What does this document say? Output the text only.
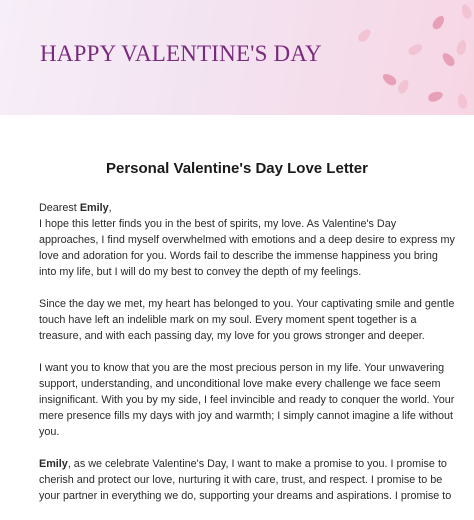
HAPPY VALENTINE'S DAY
Personal Valentine's Day Love Letter
Dearest Emily,

I hope this letter finds you in the best of spirits, my love. As Valentine's Day
approaches, I find myself overwhelmed with emotions and a deep desire to express my
love and adoration for you. Words fail to describe the immense happiness you bring
into my life, but I will do my best to convey the depth of my feelings.

Since the day we met, my heart has belonged to you. Your captivating smile and gentle
touch have left an indelible mark on my soul. Every moment spent together is a
treasure, and with each passing day, my love for you grows stronger and deeper.

I want you to know that you are the most precious person in my life. Your unwavering
support, understanding, and unconditional love make every challenge we face seem
insignificant. With you by my side, I feel invincible and ready to conquer the world. Your
mere presence fills my days with joy and warmth; I simply cannot imagine a life without
you.

Emily, as we celebrate Valentine's Day, I want to make a promise to you. I promise to
cherish and protect our love, nurturing it with care, trust, and respect. I promise to be
your partner in everything we do, supporting your dreams and aspirations. I promise to
